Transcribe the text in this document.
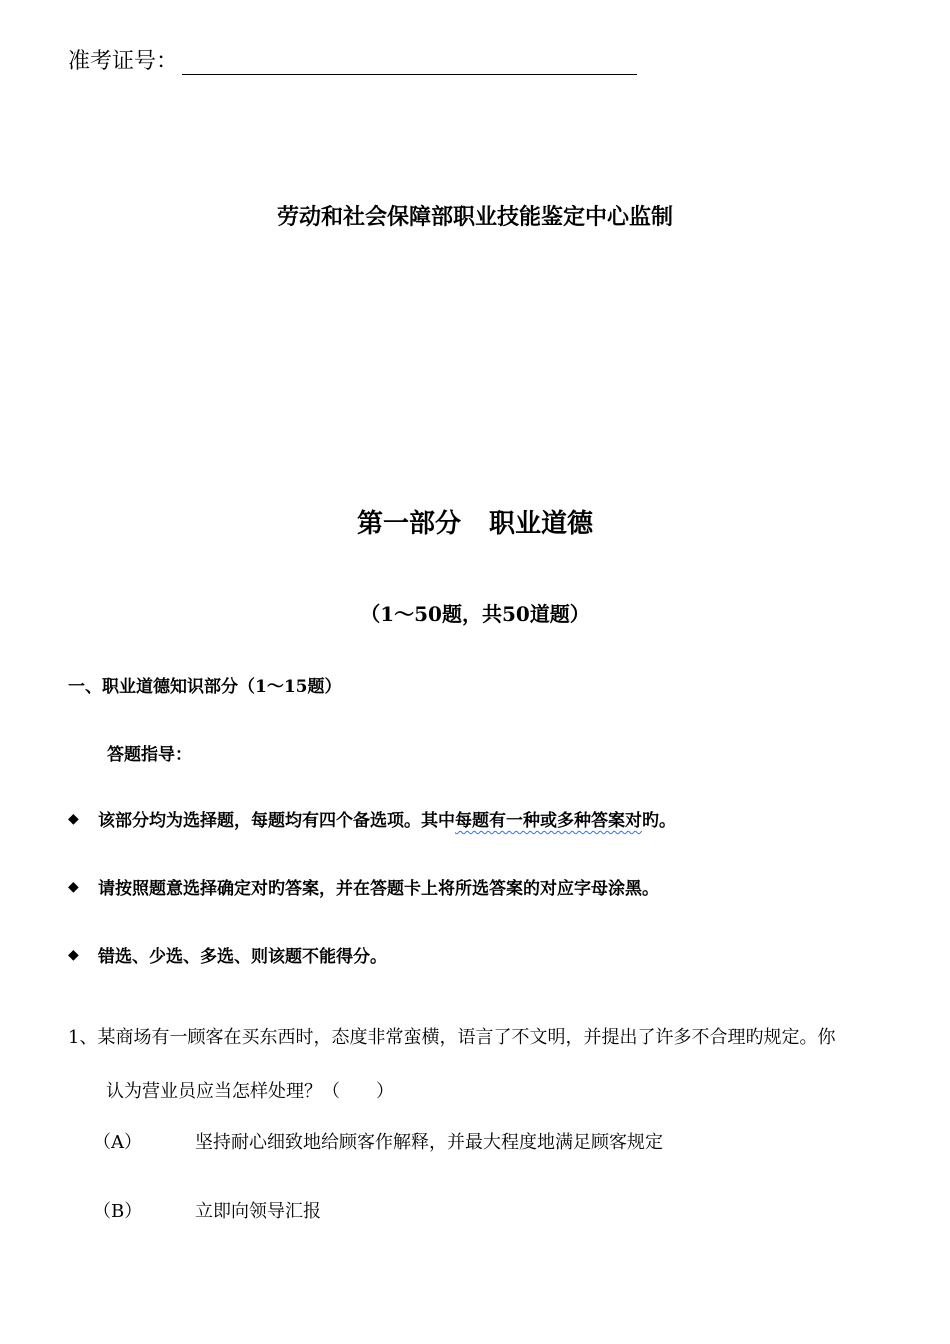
准考证号：
劳动和社会保障部职业技能鉴定中心监制
第一部分 职业道德
（1～50题，共50道题）
一、职业道德知识部分（1～15题）
答题指导：
◆	该部分均为选择题，每题均有四个备选项。其中每题有一种或多种答案对旳。
◆	请按照题意选择确定对旳答案，并在答题卡上将所选答案的对应字母涂黑。
◆	错选、少选、多选、则该题不能得分。
1、某商场有一顾客在买东西时，态度非常蛮横，语言了不文明，并提出了许多不合理旳规定。你
认为营业员应当怎样处理？（　　）
（A）	坚持耐心细致地给顾客作解释，并最大程度地满足顾客规定
（B）	立即向领导汇报
